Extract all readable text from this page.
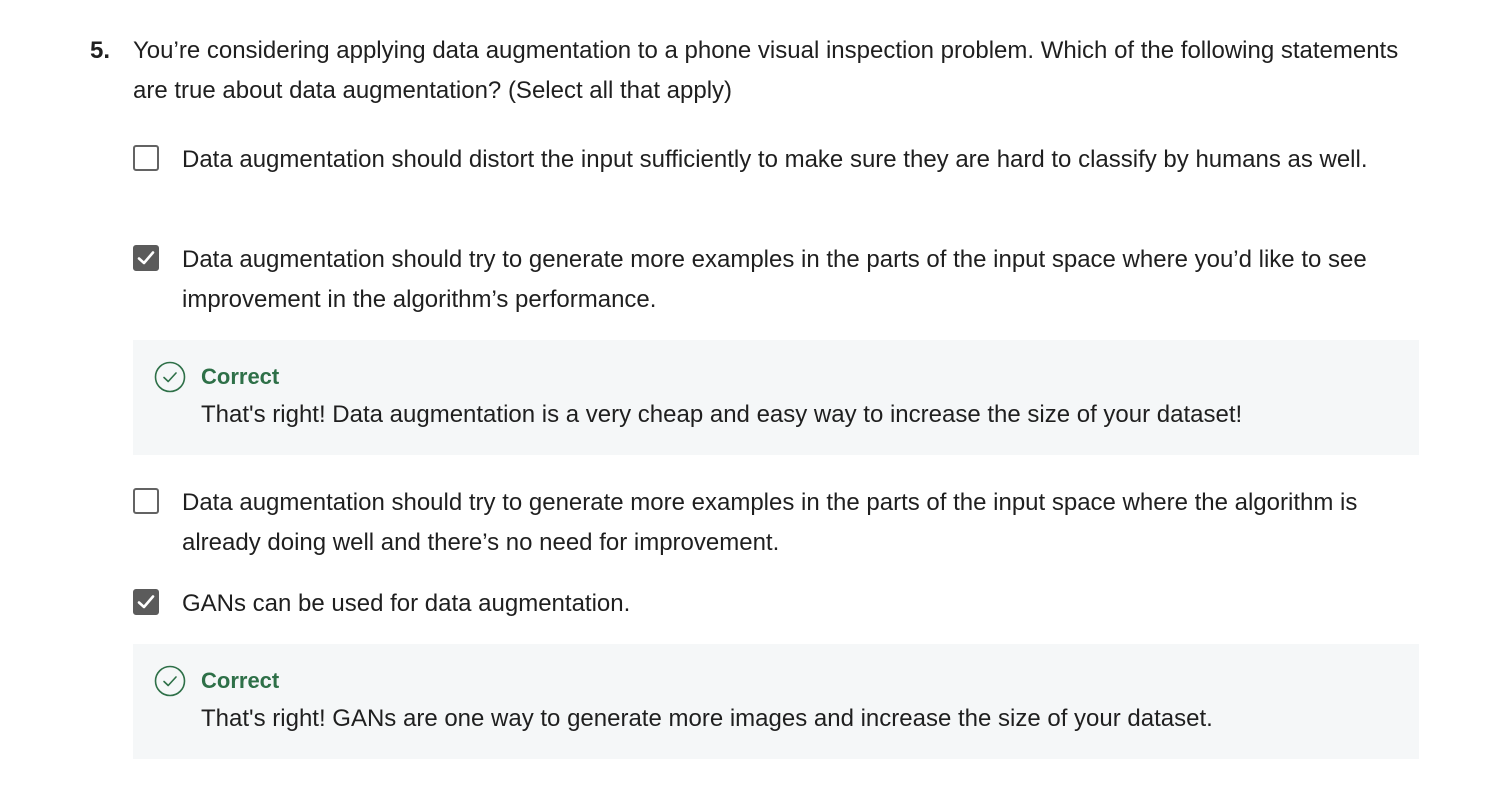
5. You’re considering applying data augmentation to a phone visual inspection problem. Which of the following statements are true about data augmentation? (Select all that apply)
Data augmentation should distort the input sufficiently to make sure they are hard to classify by humans as well.
Data augmentation should try to generate more examples in the parts of the input space where you’d like to see improvement in the algorithm’s performance.
Correct
That's right! Data augmentation is a very cheap and easy way to increase the size of your dataset!
Data augmentation should try to generate more examples in the parts of the input space where the algorithm is already doing well and there’s no need for improvement.
GANs can be used for data augmentation.
Correct
That's right! GANs are one way to generate more images and increase the size of your dataset.
